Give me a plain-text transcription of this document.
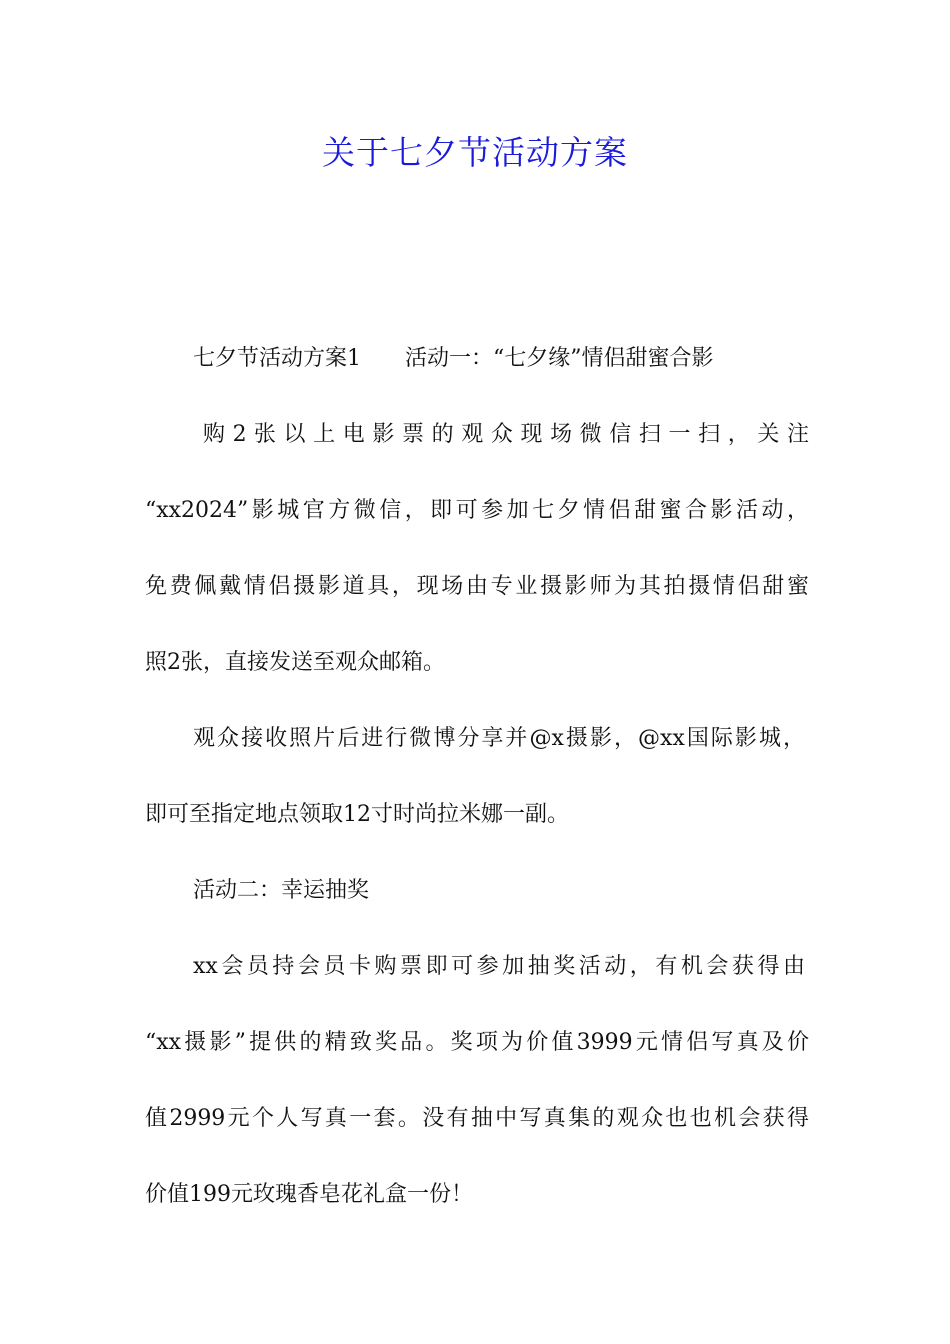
关于七夕节活动方案
七夕节活动方案1　　活动一：“七夕缘”情侣甜蜜合影
购 2 张 以 上 电 影 票 的 观 众 现 场 微 信 扫 一 扫 ， 关 注
“xx2024”影城官方微信，即可参加七夕情侣甜蜜合影活动，
免费佩戴情侣摄影道具，现场由专业摄影师为其拍摄情侣甜蜜
照2张，直接发送至观众邮箱。
观众接收照片后进行微博分享并@x摄影，@xx国际影城，
即可至指定地点领取12寸时尚拉米娜一副。
活动二：幸运抽奖
xx会员持会员卡购票即可参加抽奖活动，有机会获得由
“xx摄影”提供的精致奖品。奖项为价值3999元情侣写真及价
值2999元个人写真一套。没有抽中写真集的观众也也机会获得
价值199元玫瑰香皂花礼盒一份！
